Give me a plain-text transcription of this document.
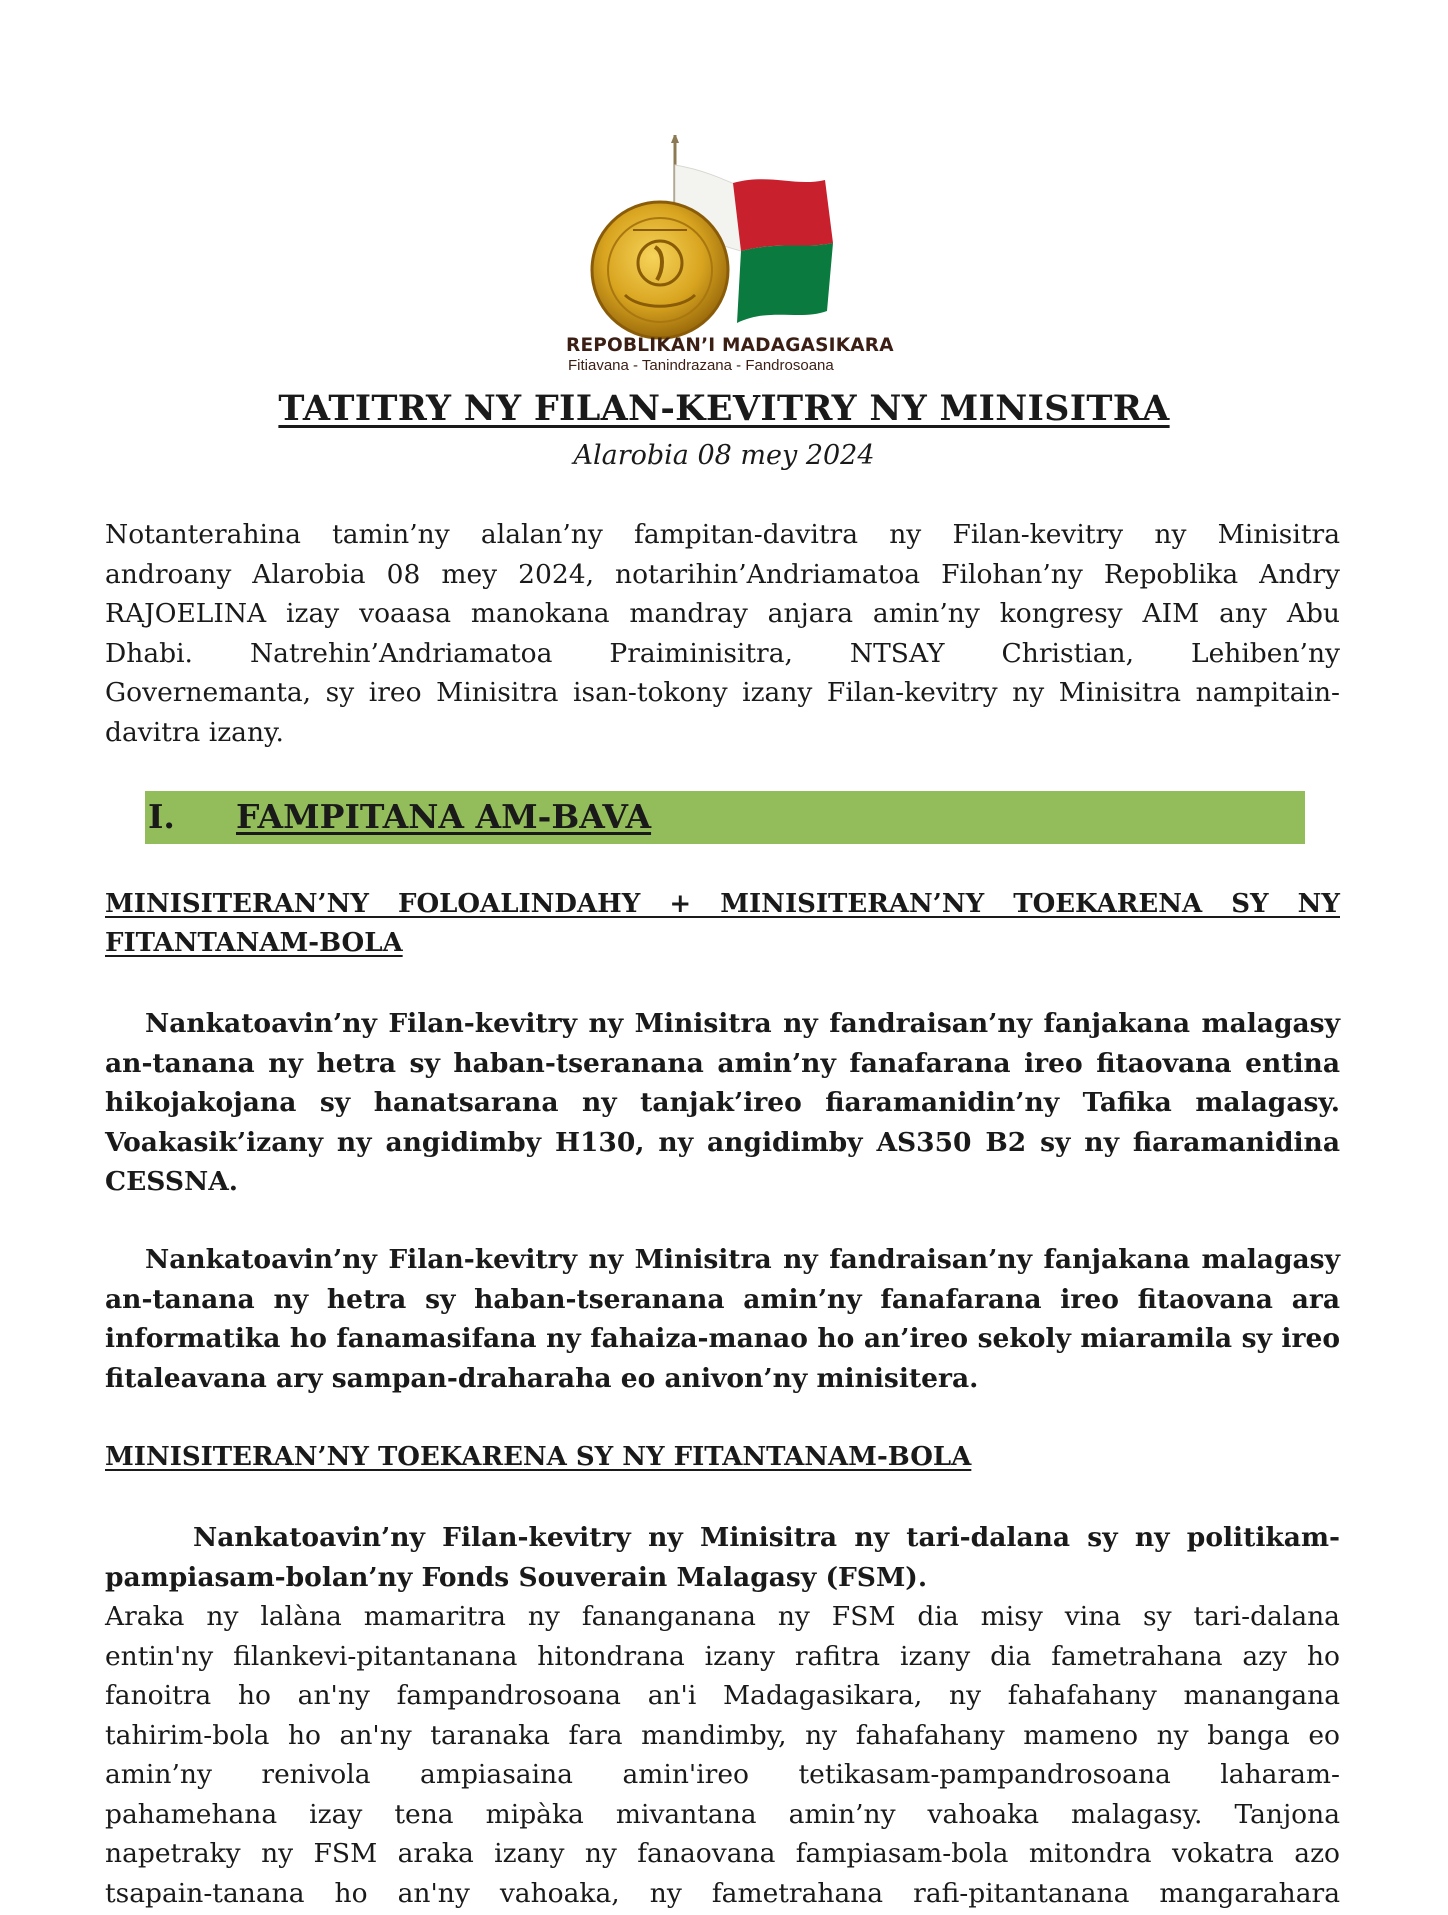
REPOBLIKAN’I MADAGASIKARA
Fitiavana - Tanindrazana - Fandrosoana
TATITRY NY FILAN-KEVITRY NY MINISITRA
Alarobia 08 mey 2024
Notanterahina tamin’ny alalan’ny fampitan-davitra ny Filan-kevitry ny Minisitra
androany Alarobia 08 mey 2024, notarihin’Andriamatoa Filohan’ny Repoblika Andry
RAJOELINA izay voaasa manokana mandray anjara amin’ny kongresy AIM any Abu
Dhabi. Natrehin’Andriamatoa Praiminisitra, NTSAY Christian, Lehiben’ny
Governemanta, sy ireo Minisitra isan-tokony izany Filan-kevitry ny Minisitra nampitain-
davitra izany.
I. FAMPITANA AM-BAVA
MINISITERAN’NY FOLOALINDAHY + MINISITERAN’NY TOEKARENA SY NY
FITANTANAM-BOLA
Nankatoavin’ny Filan-kevitry ny Minisitra ny fandraisan’ny fanjakana malagasy
an-tanana ny hetra sy haban-tseranana amin’ny fanafarana ireo fitaovana entina
hikojakojana sy hanatsarana ny tanjak’ireo fiaramanidin’ny Tafika malagasy.
Voakasik’izany ny angidimby H130, ny angidimby AS350 B2 sy ny fiaramanidina
CESSNA.
Nankatoavin’ny Filan-kevitry ny Minisitra ny fandraisan’ny fanjakana malagasy
an-tanana ny hetra sy haban-tseranana amin’ny fanafarana ireo fitaovana ara
informatika ho fanamasifana ny fahaiza-manao ho an’ireo sekoly miaramila sy ireo
fitaleavana ary sampan-draharaha eo anivon’ny minisitera.
MINISITERAN’NY TOEKARENA SY NY FITANTANAM-BOLA
Nankatoavin’ny Filan-kevitry ny Minisitra ny tari-dalana sy ny politikam-
pampiasam-bolan’ny Fonds Souverain Malagasy (FSM).
Araka ny lalàna mamaritra ny fananganana ny FSM dia misy vina sy tari-dalana
entin'ny filankevi-pitantanana hitondrana izany rafitra izany dia fametrahana azy ho
fanoitra ho an'ny fampandrosoana an'i Madagasikara, ny fahafahany manangana
tahirim-bola ho an'ny taranaka fara mandimby, ny fahafahany mameno ny banga eo
amin’ny renivola ampiasaina amin'ireo tetikasam-pampandrosoana laharam-
pahamehana izay tena mipàka mivantana amin’ny vahoaka malagasy. Tanjona
napetraky ny FSM araka izany ny fanaovana fampiasam-bola mitondra vokatra azo
tsapain-tanana ho an'ny vahoaka, ny fametrahana rafi-pitantanana mangarahara
